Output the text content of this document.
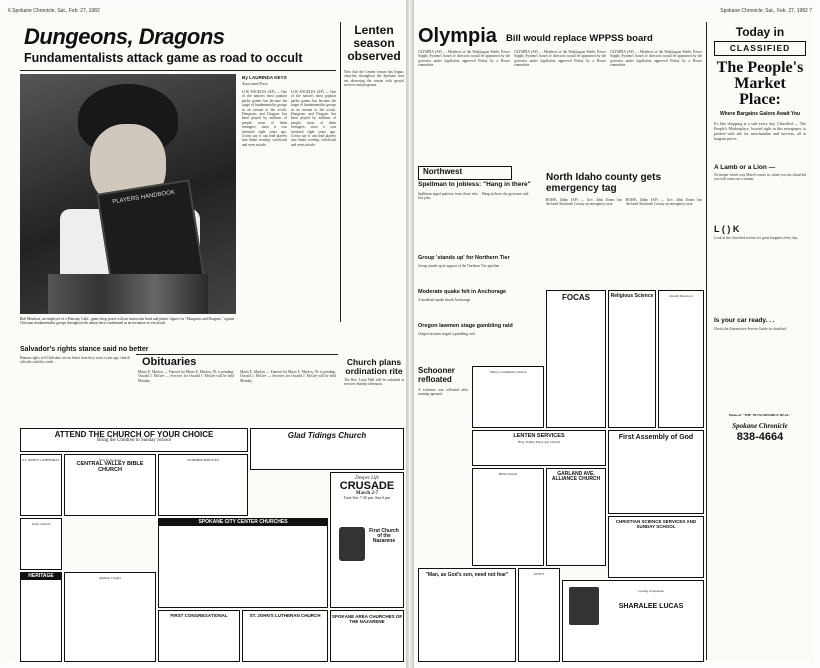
6 Spokane Chronicle, Sat., Feb. 27, 1982
Dungeons, Dragons
Fundamentalists attack game as road to occult
PLAYERS HANDBOOK
Bob Mendoza, an employee of a Pomona, Calif., game shop, poses with an instruction book and plastic figures for "Dungeons and Dragons," a game Christian fundamentalist groups throughout the nation have condemned as an invitation to witchcraft.
By LAURINDA KEYS
Associated Press
LOS ANGELES (AP) — One of the nation's most popular parlor games has become the target of fundamentalist groups as an avenue to the occult. Dungeons and Dragons has been played by millions of people, most of them teenagers, since it was invented eight years ago. Critics say it can lead players into Satan worship, witchcraft and even suicide.
LOS ANGELES (AP) — One of the nation's most popular parlor games has become the target of fundamentalist groups as an avenue to the occult. Dungeons and Dragons has been played by millions of people, most of them teenagers, since it was invented eight years ago. Critics say it can lead players into Satan worship, witchcraft and even suicide.
Lenten season observed
Now that the Lenten season has begun, churches throughout the Spokane area are observing the season with special services and programs.
Salvador's rights stance said no better
Human rights in El Salvador are no better than they were a year ago, church officials said this week.	Obituaries
Mario E. Marlow — Funeral for Mario E. Marlow, 59, is pending. Oswald J. McGee — Services for Oswald J. McGee will be held Monday.
Mario E. Marlow — Funeral for Mario E. Marlow, 59, is pending. Oswald J. McGee — Services for Oswald J. McGee will be held Monday.
Church plans ordination rite
The Rev. Larry Hall will be ordained at services Sunday afternoon.
ATTEND THE CHURCH OF YOUR CHOICE
Bring the Children to Sunday School
ST. JOHN'S CATHEDRAL	New In Spokane
CENTRAL VALLEY BIBLE CHURCH
WORSHIP SERVICES
Unity Church
HERITAGE	Addison Chapel
SPOKANE CITY CENTER CHURCHES
FIRST CONGREGATIONAL	ST. JOHN'S LUTHERAN CHURCH
Glad Tidings Church
Deeper Life
CRUSADE
March 2-7
Tues-Sat. 7:30 pm, Sun 6 pm
First Church of the Nazarene
SPOKANE AREA CHURCHES OF THE NAZARENE
Spokane Chronicle, Sat., Feb. 27, 1982 7
Olympia Bill would replace WPPSS board
OLYMPIA (AP) — Members of the Washington Public Power Supply System's board of directors would be appointed by the governor under legislation approved Friday by a House committee.
OLYMPIA (AP) — Members of the Washington Public Power Supply System's board of directors would be appointed by the governor under legislation approved Friday by a House committee.
OLYMPIA (AP) — Members of the Washington Public Power Supply System's board of directors would be appointed by the governor under legislation approved Friday by a House committee.
Northwest
Spellman to jobless: "Hang in there"
Spellman urged patience from those who lost jobs.
Hang in there, the governor said.
Group 'stands up' for Northern Tier
Group stands up in support of the Northern Tier pipeline.
Moderate quake felt in Anchorage
A moderate quake shook Anchorage.
Oregon lawmen stage gambling raid
Oregon lawmen staged a gambling raid.
North Idaho county gets emergency tag
BOISE, Idaho (AP) — Gov. John Evans has declared Shoshone County an emergency area.
BOISE, Idaho (AP) — Gov. John Evans has declared Shoshone County an emergency area.
Schooner refloated
A schooner was refloated after running aground.
Valley Community Church
LENTEN SERVICES
Holy Trinity Episcopal Church
FOCAS	Religious Science	Church Directory
First Assembly of God
Bible Church	GARLAND AVE. ALLIANCE CHURCH
CHRISTIAN SCIENCE SERVICES AND SUNDAY SCHOOL
"Man, as God's son, need not fear"	UNITY
coming to Spokane
SHARALEE LUCAS
Today in
CLASSIFIED
The People's Market Place:
Where Bargains Galore Await You
It's like shopping at a sale every day. Classified — The People's Marketplace, located right in this newspaper, is packed with ads for merchandise and services, all at bargain prices.
A Lamb or a Lion —
No matter which way March comes in, when you use classified you will come out a winner.
L ( ) K
Look in the classified section for great bargains every day.
Is your car ready. . .
Check the Automotive Service Guide in classified.
Home of "THE '80 INCREDIBLE DEAL"
Spokane Chronicle
838-4664
